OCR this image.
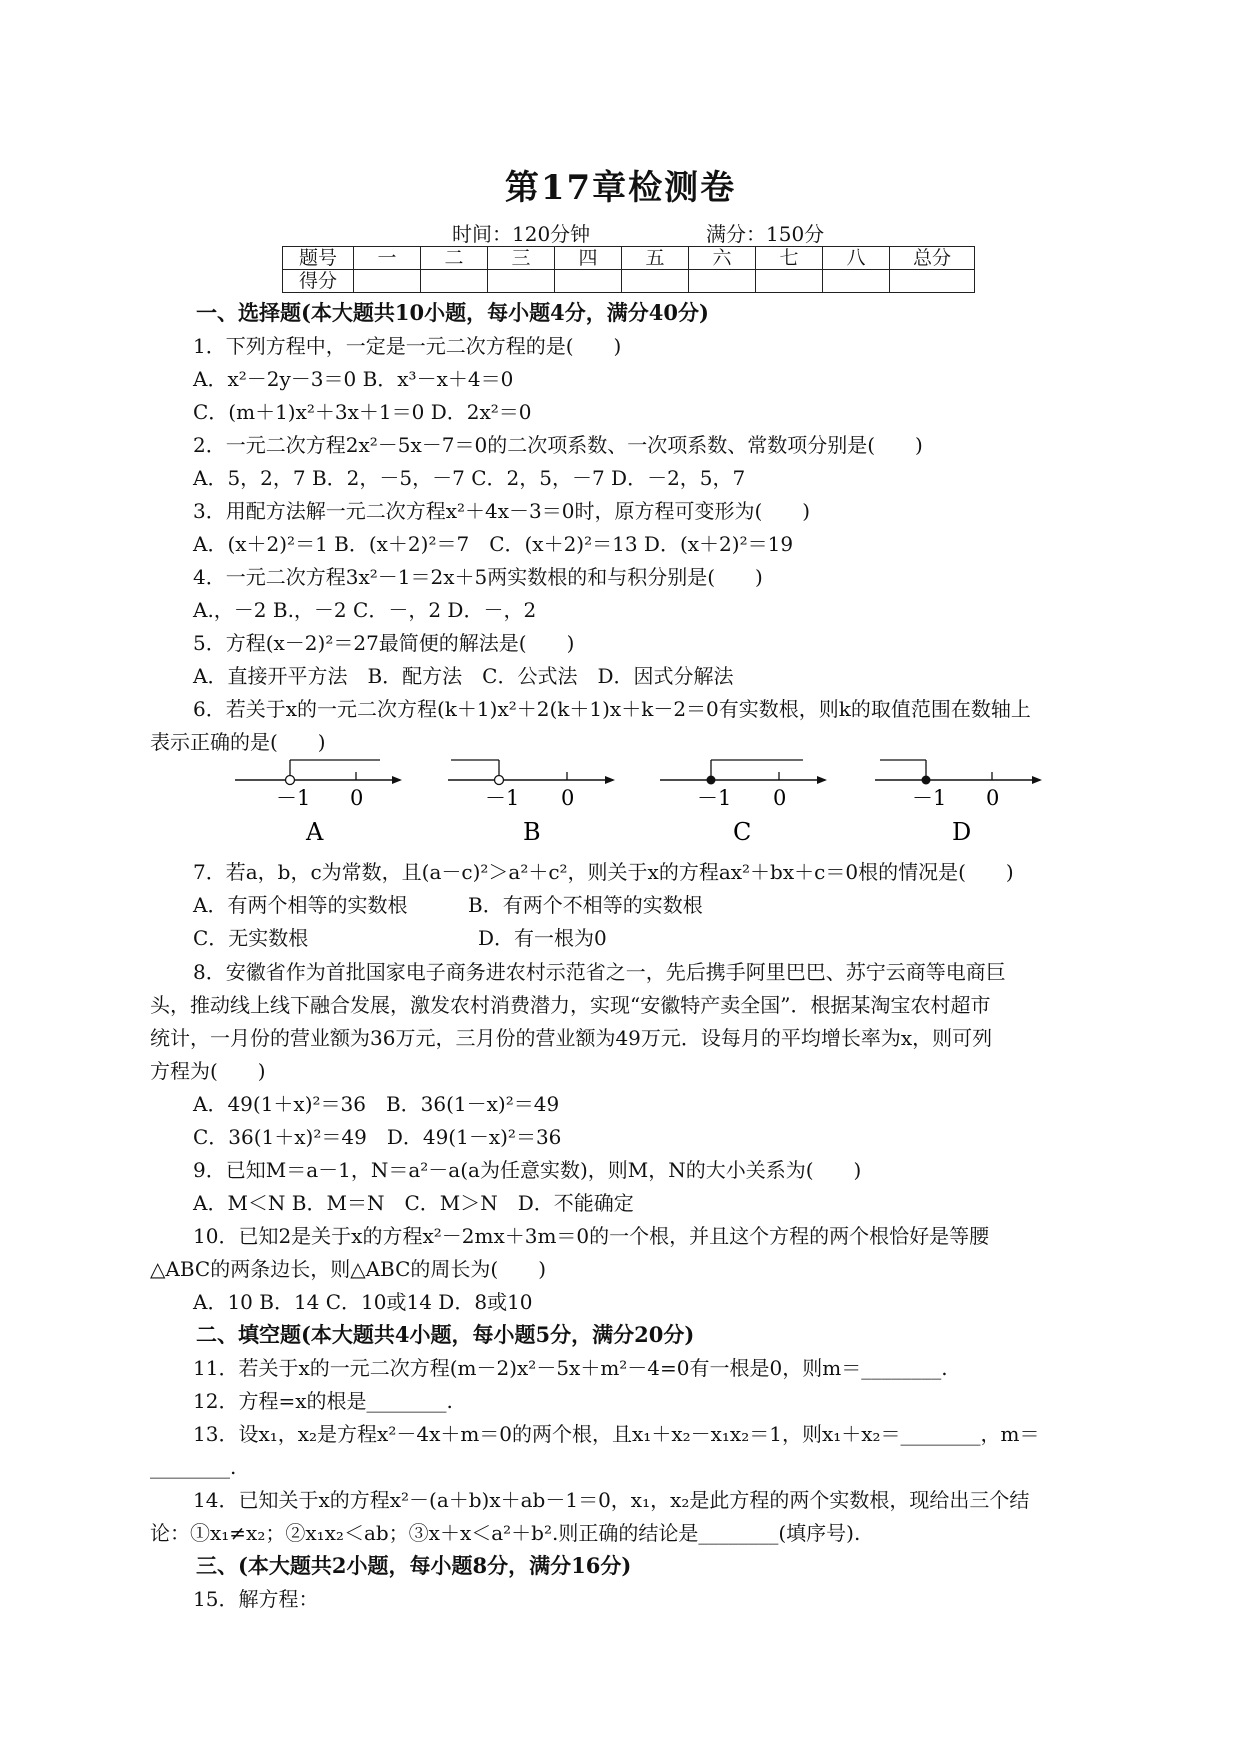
第17章检测卷
时间：120分钟	满分：150分
题号	一	二	三	四	五	六	七	八	总分
得分									
一、选择题(本大题共10小题，每小题4分，满分40分)
1．下列方程中，一定是一元二次方程的是(　　)
A．x²－2y－3＝0 B．x³－x＋4＝0
C．(m＋1)x²＋3x＋1＝0 D．2x²＝0
2．一元二次方程2x²－5x－7＝0的二次项系数、一次项系数、常数项分别是(　　)
A．5，2，7 B．2，－5，－7 C．2，5，－7 D．－2，5，7
3．用配方法解一元二次方程x²＋4x－3＝0时，原方程可变形为(　　)
A．(x＋2)²＝1 B．(x＋2)²＝7　C．(x＋2)²＝13 D．(x＋2)²＝19
4．一元二次方程3x²－1＝2x＋5两实数根的和与积分别是(　　)
A.，－2 B.，－2 C．－，2 D．－，2
5．方程(x－2)²＝27最简便的解法是(　　)
A．直接开平方法　B．配方法　C．公式法　D．因式分解法
6．若关于x的一元二次方程(k＋1)x²＋2(k＋1)x＋k－2＝0有实数根，则k的取值范围在数轴上
表示正确的是(　　)
－1 0
A
－1 0
B
－1 0
C
－1 0
D
7．若a，b，c为常数，且(a－c)²＞a²＋c²，则关于x的方程ax²＋bx＋c＝0根的情况是(　　)
A．有两个相等的实数根	B．有两个不相等的实数根
C．无实数根	D．有一根为0
8．安徽省作为首批国家电子商务进农村示范省之一，先后携手阿里巴巴、苏宁云商等电商巨
头，推动线上线下融合发展，激发农村消费潜力，实现“安徽特产卖全国”．根据某淘宝农村超市
统计，一月份的营业额为36万元，三月份的营业额为49万元．设每月的平均增长率为x，则可列
方程为(　　)
A．49(1＋x)²＝36　B．36(1－x)²＝49
C．36(1＋x)²＝49　D．49(1－x)²＝36
9．已知M＝a－1，N＝a²－a(a为任意实数)，则M，N的大小关系为(　　)
A．M＜N B．M＝N　C．M＞N　D．不能确定
10．已知2是关于x的方程x²－2mx＋3m＝0的一个根，并且这个方程的两个根恰好是等腰
△ABC的两条边长，则△ABC的周长为(　　)
A．10 B．14 C．10或14 D．8或10
二、填空题(本大题共4小题，每小题5分，满分20分)
11．若关于x的一元二次方程(m－2)x²－5x＋m²－4=0有一根是0，则m＝________.
12．方程=x的根是________.
13．设x₁，x₂是方程x²－4x＋m＝0的两个根，且x₁＋x₂－x₁x₂＝1，则x₁＋x₂＝________，m＝
________.
14．已知关于x的方程x²－(a＋b)x＋ab－1＝0，x₁，x₂是此方程的两个实数根，现给出三个结
论：①x₁≠x₂；②x₁x₂＜ab；③x＋x＜a²＋b².则正确的结论是________(填序号).
三、(本大题共2小题，每小题8分，满分16分)
15．解方程：
